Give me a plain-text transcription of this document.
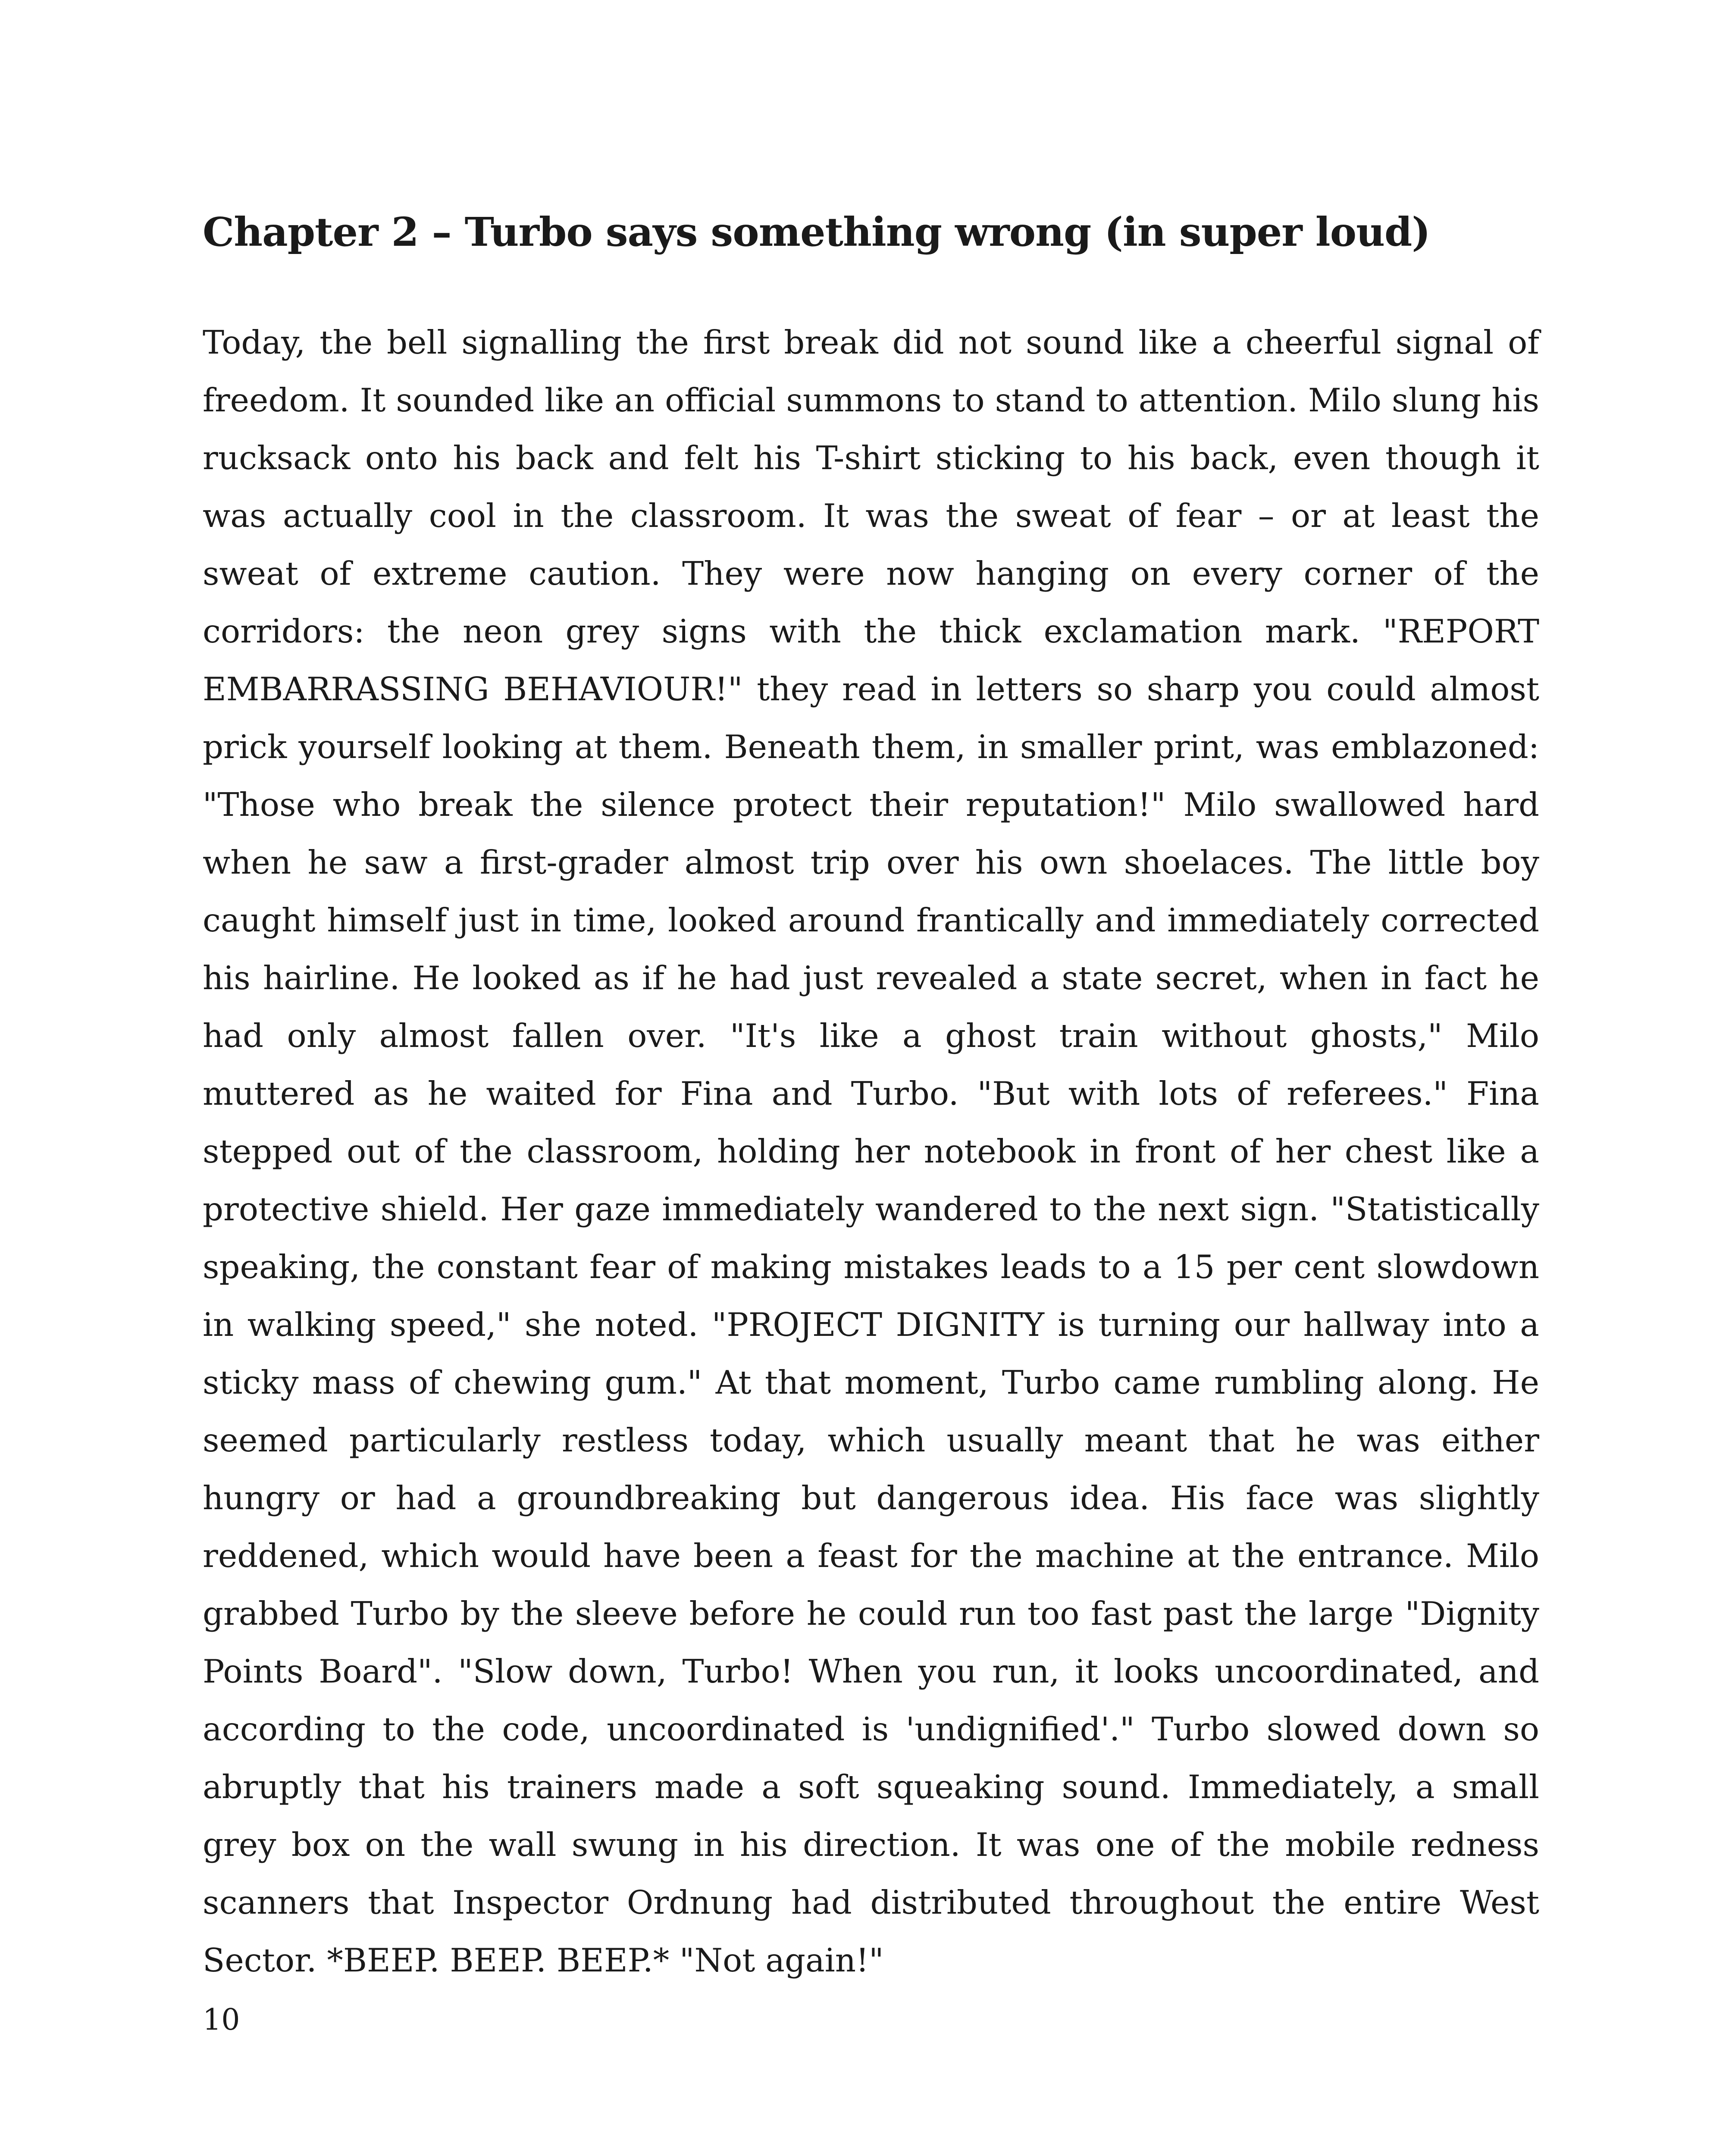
Chapter 2 – Turbo says something wrong (in super loud)

Today, the bell signalling the first break did not sound like a cheerful signal of freedom. It sounded like an official summons to stand to attention. Milo slung his rucksack onto his back and felt his T-shirt sticking to his back, even though it was actually cool in the classroom. It was the sweat of fear – or at least the sweat of extreme caution. They were now hanging on every corner of the corridors: the neon grey signs with the thick exclamation mark. "REPORT EMBARRASSING BEHAVIOUR!" they read in letters so sharp you could almost prick yourself looking at them. Beneath them, in smaller print, was emblazoned: "Those who break the silence protect their reputation!" Milo swallowed hard when he saw a first-grader almost trip over his own shoelaces. The little boy caught himself just in time, looked around frantically and immediately corrected his hairline. He looked as if he had just revealed a state secret, when in fact he had only almost fallen over. "It's like a ghost train without ghosts," Milo muttered as he waited for Fina and Turbo. "But with lots of referees." Fina stepped out of the classroom, holding her notebook in front of her chest like a protective shield. Her gaze immediately wandered to the next sign. "Statistically speaking, the constant fear of making mistakes leads to a 15 per cent slowdown in walking speed," she noted. "PROJECT DIGNITY is turning our hallway into a sticky mass of chewing gum." At that moment, Turbo came rumbling along. He seemed particularly restless today, which usually meant that he was either hungry or had a groundbreaking but dangerous idea. His face was slightly reddened, which would have been a feast for the machine at the entrance. Milo grabbed Turbo by the sleeve before he could run too fast past the large "Dignity Points Board". "Slow down, Turbo! When you run, it looks uncoordinated, and according to the code, uncoordinated is 'undignified'." Turbo slowed down so abruptly that his trainers made a soft squeaking sound. Immediately, a small grey box on the wall swung in his direction. It was one of the mobile redness scanners that Inspector Ordnung had distributed throughout the entire West Sector. *BEEP. BEEP. BEEP.* "Not again!"

10
